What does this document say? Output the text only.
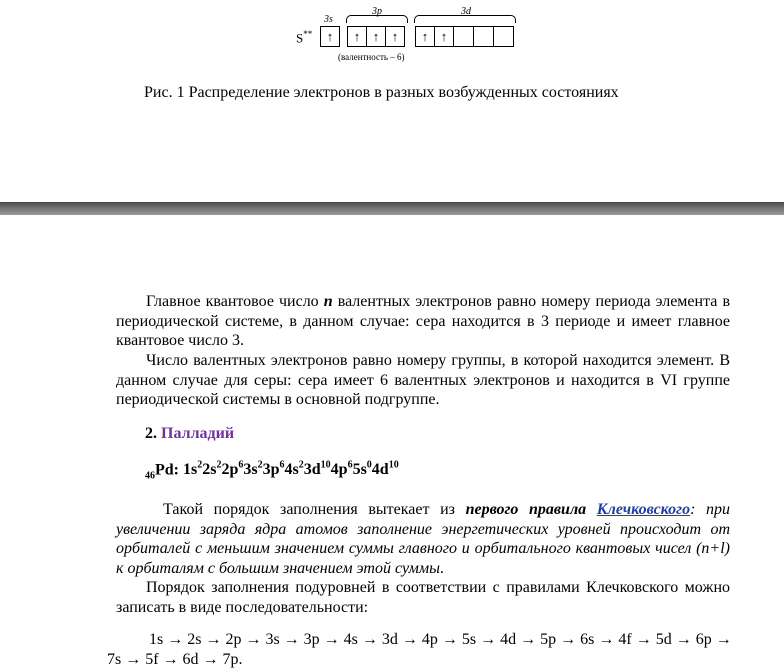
S**
3s
3p	3d
↑	↑ ↑ ↑	↑ ↑
(валентность – 6)
Рис. 1 Распределение электронов в разных возбужденных состояниях

Главное квантовое число n валентных электронов равно номеру периода элемента в периодической системе, в данном случае: сера находится в 3 периоде и имеет главное квантовое число 3.

Число валентных электронов равно номеру группы, в которой находится элемент. В данном случае для серы: сера имеет 6 валентных электронов и находится в VI группе периодической системы в основной подгруппе.

2. Палладий
$_{46}$Pd: $1s^22s^22p^63s^23p^64s^23d^{10}4p^65s^04d^{10}$

Такой порядок заполнения вытекает из первого правила Клечковского: при увеличении заряда ядра атомов заполнение энергетических уровней происходит от орбиталей с меньшим значением суммы главного и орбитального квантовых чисел (n+l) к орбиталям с большим значением этой суммы.

Порядок заполнения подуровней в соответствии с правилами Клечковского можно записать в виде последовательности:

1s → 2s → 2p → 3s → 3p → 4s → 3d → 4p → 5s → 4d → 5p → 6s → 4f → 5d → 6p →
7s → 5f → 6d → 7p.
